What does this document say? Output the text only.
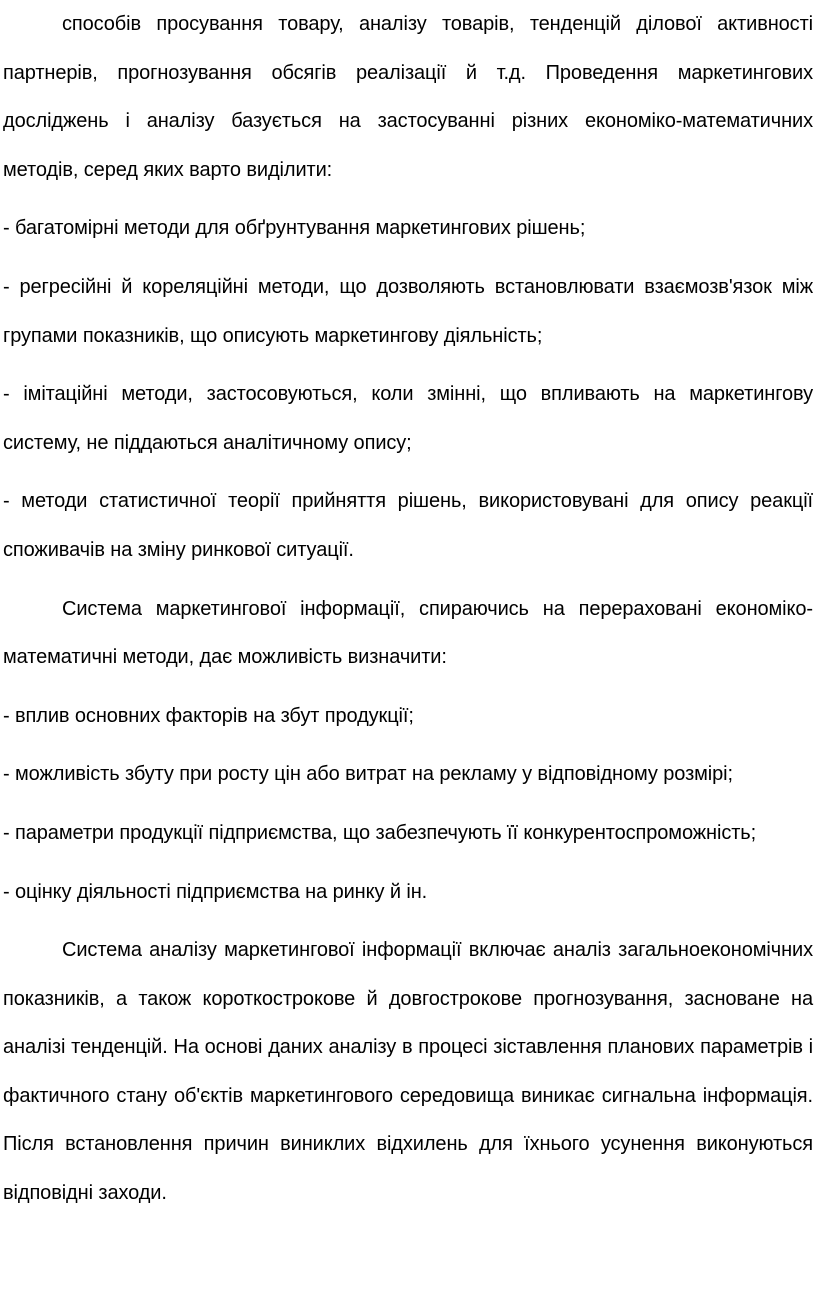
способів просування товару, аналізу товарів, тенденцій ділової активності партнерів, прогнозування обсягів реалізації й т.д. Проведення маркетингових досліджень і аналізу базується на застосуванні різних економіко-математичних методів, серед яких варто виділити:

- багатомірні методи для обґрунтування маркетингових рішень;

- регресійні й кореляційні методи, що дозволяють встановлювати взаємозв'язок між групами показників, що описують маркетингову діяльність;

- імітаційні методи, застосовуються, коли змінні, що впливають на маркетингову систему, не піддаються аналітичному опису;

- методи статистичної теорії прийняття рішень, використовувані для опису реакції споживачів на зміну ринкової ситуації.

Система маркетингової інформації, спираючись на перераховані економіко-математичні методи, дає можливість визначити:

- вплив основних факторів на збут продукції;

- можливість збуту при росту цін або витрат на рекламу у відповідному розмірі;

- параметри продукції підприємства, що забезпечують її конкурентоспроможність;

- оцінку діяльності підприємства на ринку й ін.

Система аналізу маркетингової інформації включає аналіз загальноекономічних показників, а також короткострокове й довгострокове прогнозування, засноване на аналізі тенденцій. На основі даних аналізу в процесі зіставлення планових параметрів і фактичного стану об'єктів маркетингового середовища виникає сигнальна інформація. Після встановлення причин виниклих відхилень для їхнього усунення виконуються відповідні заходи.
